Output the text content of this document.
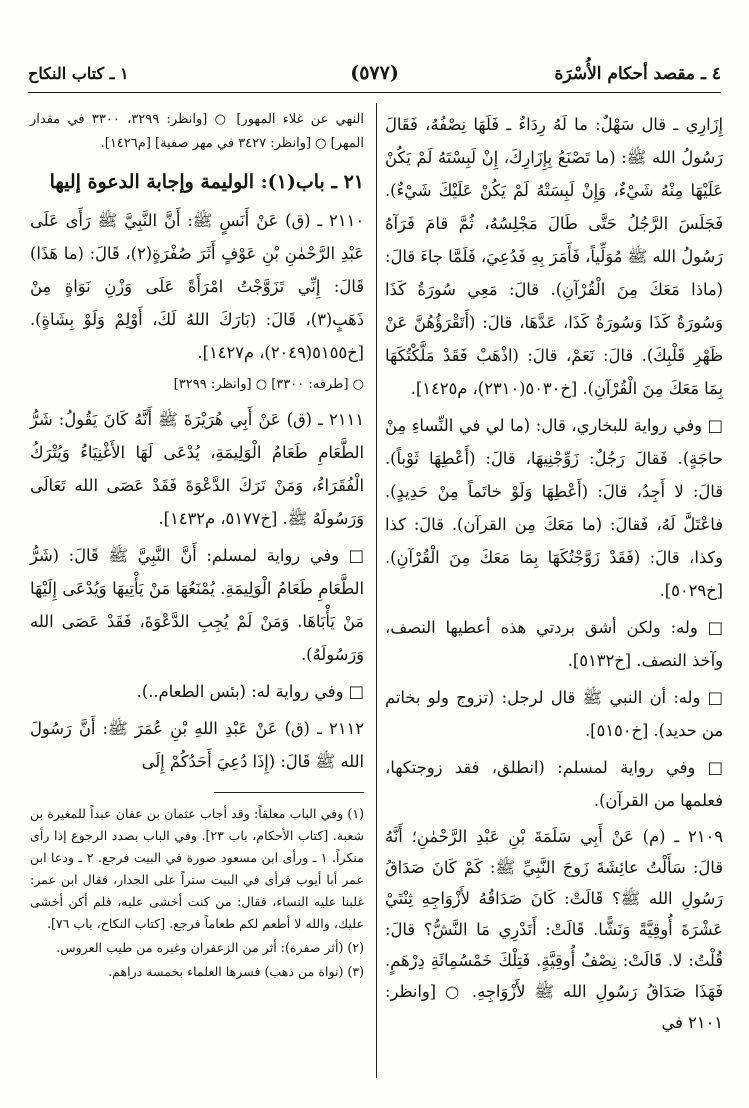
٤ ـ مقصد أحكام الأُسْرَة
(٥٧٧)
١ ـ كتاب النكاح

إِزَارِي ـ قال سَهْلٌ: ما لَهُ رِدَاءٌ ـ فَلَهَا نِصْفُهُ، فَقَالَ رَسُولُ الله ﷺ: (ما تَصْنَعُ بِإِزَارِكَ، إِنْ لَبِسْتَهُ لَمْ يَكُنْ عَلَيْهَا مِنْهُ شَيْءٌ، وَإِنْ لَبِسَتْهُ لَمْ يَكُنْ عَلَيْكَ شَيْءٌ). فَجَلَسَ الرَّجُلُ حَتَّى طَالَ مَجْلِسُهُ، ثُمَّ قامَ فَرَآهُ رَسُولُ الله ﷺ مُوَلِّياً، فَأَمَرَ بِهِ فَدُعِيَ، فَلَمَّا جاءَ قالَ: (ماذا مَعَكَ مِنَ الْقُرْآنِ). قالَ: مَعِي سُورَةُ كَذَا وَسُورَةُ كَذَا وَسُورَةُ كَذَا، عَدَّهَا، قالَ: (أَتَقْرَؤُهُنَّ عَنْ ظَهْرِ قَلْبِكَ). قالَ: نَعَمْ، قالَ: (اذْهَبْ فَقَدْ مَلَّكْتُكَهَا بِمَا مَعَكَ مِنَ الْقُرْآنِ). [خ٥٠٣٠(٢٣١٠)، م١٤٢٥].

□ وفي رواية للبخاري، قال: (ما لي في النِّساءِ مِنْ حاجَةٍ). فَقالَ رَجُلٌ: زَوِّجْنِيهَا، قالَ: (أَعْطِهَا ثَوْباً). قالَ: لا أَجِدُ، قالَ: (أَعْطِهَا وَلَوْ خاتَماً مِنْ حَدِيدٍ). فاعْتَلَّ لَهُ، فَقالَ: (ما مَعَكَ مِن القرآن). قالَ: كذا وكذا، قالَ: (فَقَدْ زَوَّجْتُكَهَا بِمَا مَعَكَ مِنَ الْقُرْآنِ). [خ٥٠٢٩].

□ وله: ولكن أشق بردتي هذه أعطيها النصف، وآخذ النصف. [خ٥١٣٢].

□ وله: أن النبي ﷺ قال لرجل: (تزوج ولو بخاتم من حديد). [خ٥١٥٠].

□ وفي رواية لمسلم: (انطلق، فقد زوجتكها، فعلمها من القرآن).

٢١٠٩ ـ (م) عَنْ أَبِي سَلَمَةَ بْنِ عَبْدِ الرَّحْمٰنِ؛ أَنَّهُ قالَ: سَأَلْتُ عائِشَةَ زَوجَ النَّبِيِّ ﷺ: كَمْ كَانَ صَدَاقُ رَسُولِ الله ﷺ؟ قَالَتْ: كَانَ صَدَاقُهُ لأَزْوَاجِهِ ثِنْتَيْ عَشْرَةَ أُوقِيَّةً وَنَشًّا. قَالَتْ: أَتَدْرِي مَا النَّشُّ؟ قالَ: قُلْتُ: لا. قَالَتْ: نِصْفُ أُوقِيَّةٍ. فَتِلْكَ خَمْسُمِائَةِ دِرْهَمٍ. فَهَذَا صَدَاقُ رَسُولِ الله ﷺ لأَزْوَاجِهِ. ○ [وانظر: ٢١٠١ في

النهي عن غلاء المهور] ○ [وانظر: ٣٢٩٩، ٣٣٠٠ في مقدار المهر] ○ [وانظر: ٣٤٢٧ في مهر صفية] [م١٤٢٦].

٢١ ـ باب(١): الوليمة وإجابة الدعوة إليها

٢١١٠ ـ (ق) عَنْ أَنَسٍ ﷺ: أَنَّ النَّبِيَّ ﷺ رَأَى عَلَى عَبْدِ الرَّحْمٰنِ بْنِ عَوْفٍ أَثَرَ صُفْرَةٍ(٢)، قَالَ: (ما هَذَا) قَالَ: إِنِّي تَزَوَّجْتُ امْرَأَةً عَلَى وَزْنِ نَوَاةٍ مِنْ ذَهَبٍ(٣)، قَالَ: (بَارَكَ اللهُ لَكَ، أَوْلِمْ وَلَوْ بِشَاةٍ). [خ٥١٥٥(٢٠٤٩)، م١٤٢٧].

○ [طرفه: ٣٣٠٠] ○ [وانظر: ٣٢٩٩]

٢١١١ ـ (ق) عَنْ أَبِي هُرَيْرَةَ ﷺ أَنَّهُ كَانَ يَقُولُ: شَرُّ الطَّعَامِ طَعَامُ الْوَلِيمَةِ، يُدْعَى لَهَا الأَغْنِيَاءُ وَيُتْرَكُ الْفُقَرَاءُ، وَمَنْ تَرَكَ الدَّعْوَةَ فَقَدْ عَصَى الله تَعَالَى وَرَسُولَهُ ﷺ. [خ٥١٧٧، م١٤٣٢].

□ وفي رواية لمسلم: أَنَّ النَّبِيَّ ﷺ قَالَ: (شَرُّ الطَّعَامِ طَعَامُ الْوَلِيمَةِ. يُمْنَعُهَا مَنْ يَأْتِيهَا وَيُدْعَى إِلَيْهَا مَنْ يَأْبَاهَا. وَمَنْ لَمْ يُجِبِ الدَّعْوَةَ، فَقَدْ عَصَى الله وَرَسُولَهُ).

□ وفي رواية له: (بئس الطعام..).

٢١١٢ ـ (ق) عَنْ عَبْدِ اللهِ بْنِ عُمَرَ ﷺ: أَنَّ رَسُولَ الله ﷺ قَالَ: (إِذَا دُعِيَ أَحَدُكُمْ إِلَى

(١) وفي الباب معلقاً: وقد أجاب عثمان بن عفان عبداً للمغيرة بن شعبة. [كتاب الأحكام، باب ٢٣]. وفي الباب بصدد الرجوع إذا رأى منكراً. ١ ـ ورأى ابن مسعود صورة في البيت فرجع. ٢ ـ ودعا ابن عمر أبا أيوب فرأى في البيت ستراً على الجدار، فقال ابن عمر: غلبنا عليه النساء، فقال: من كنت أخشى عليه، فلم أكن أخشى عليك، والله لا أطعم لكم طعاماً فرجع. [كتاب النكاح، باب ٧٦].

(٢) (أثر صفرة): أثر من الزعفران وغيره من طيب العروس.

(٣) (نواة من ذهب) فسرها العلماء بخمسة دراهم.
